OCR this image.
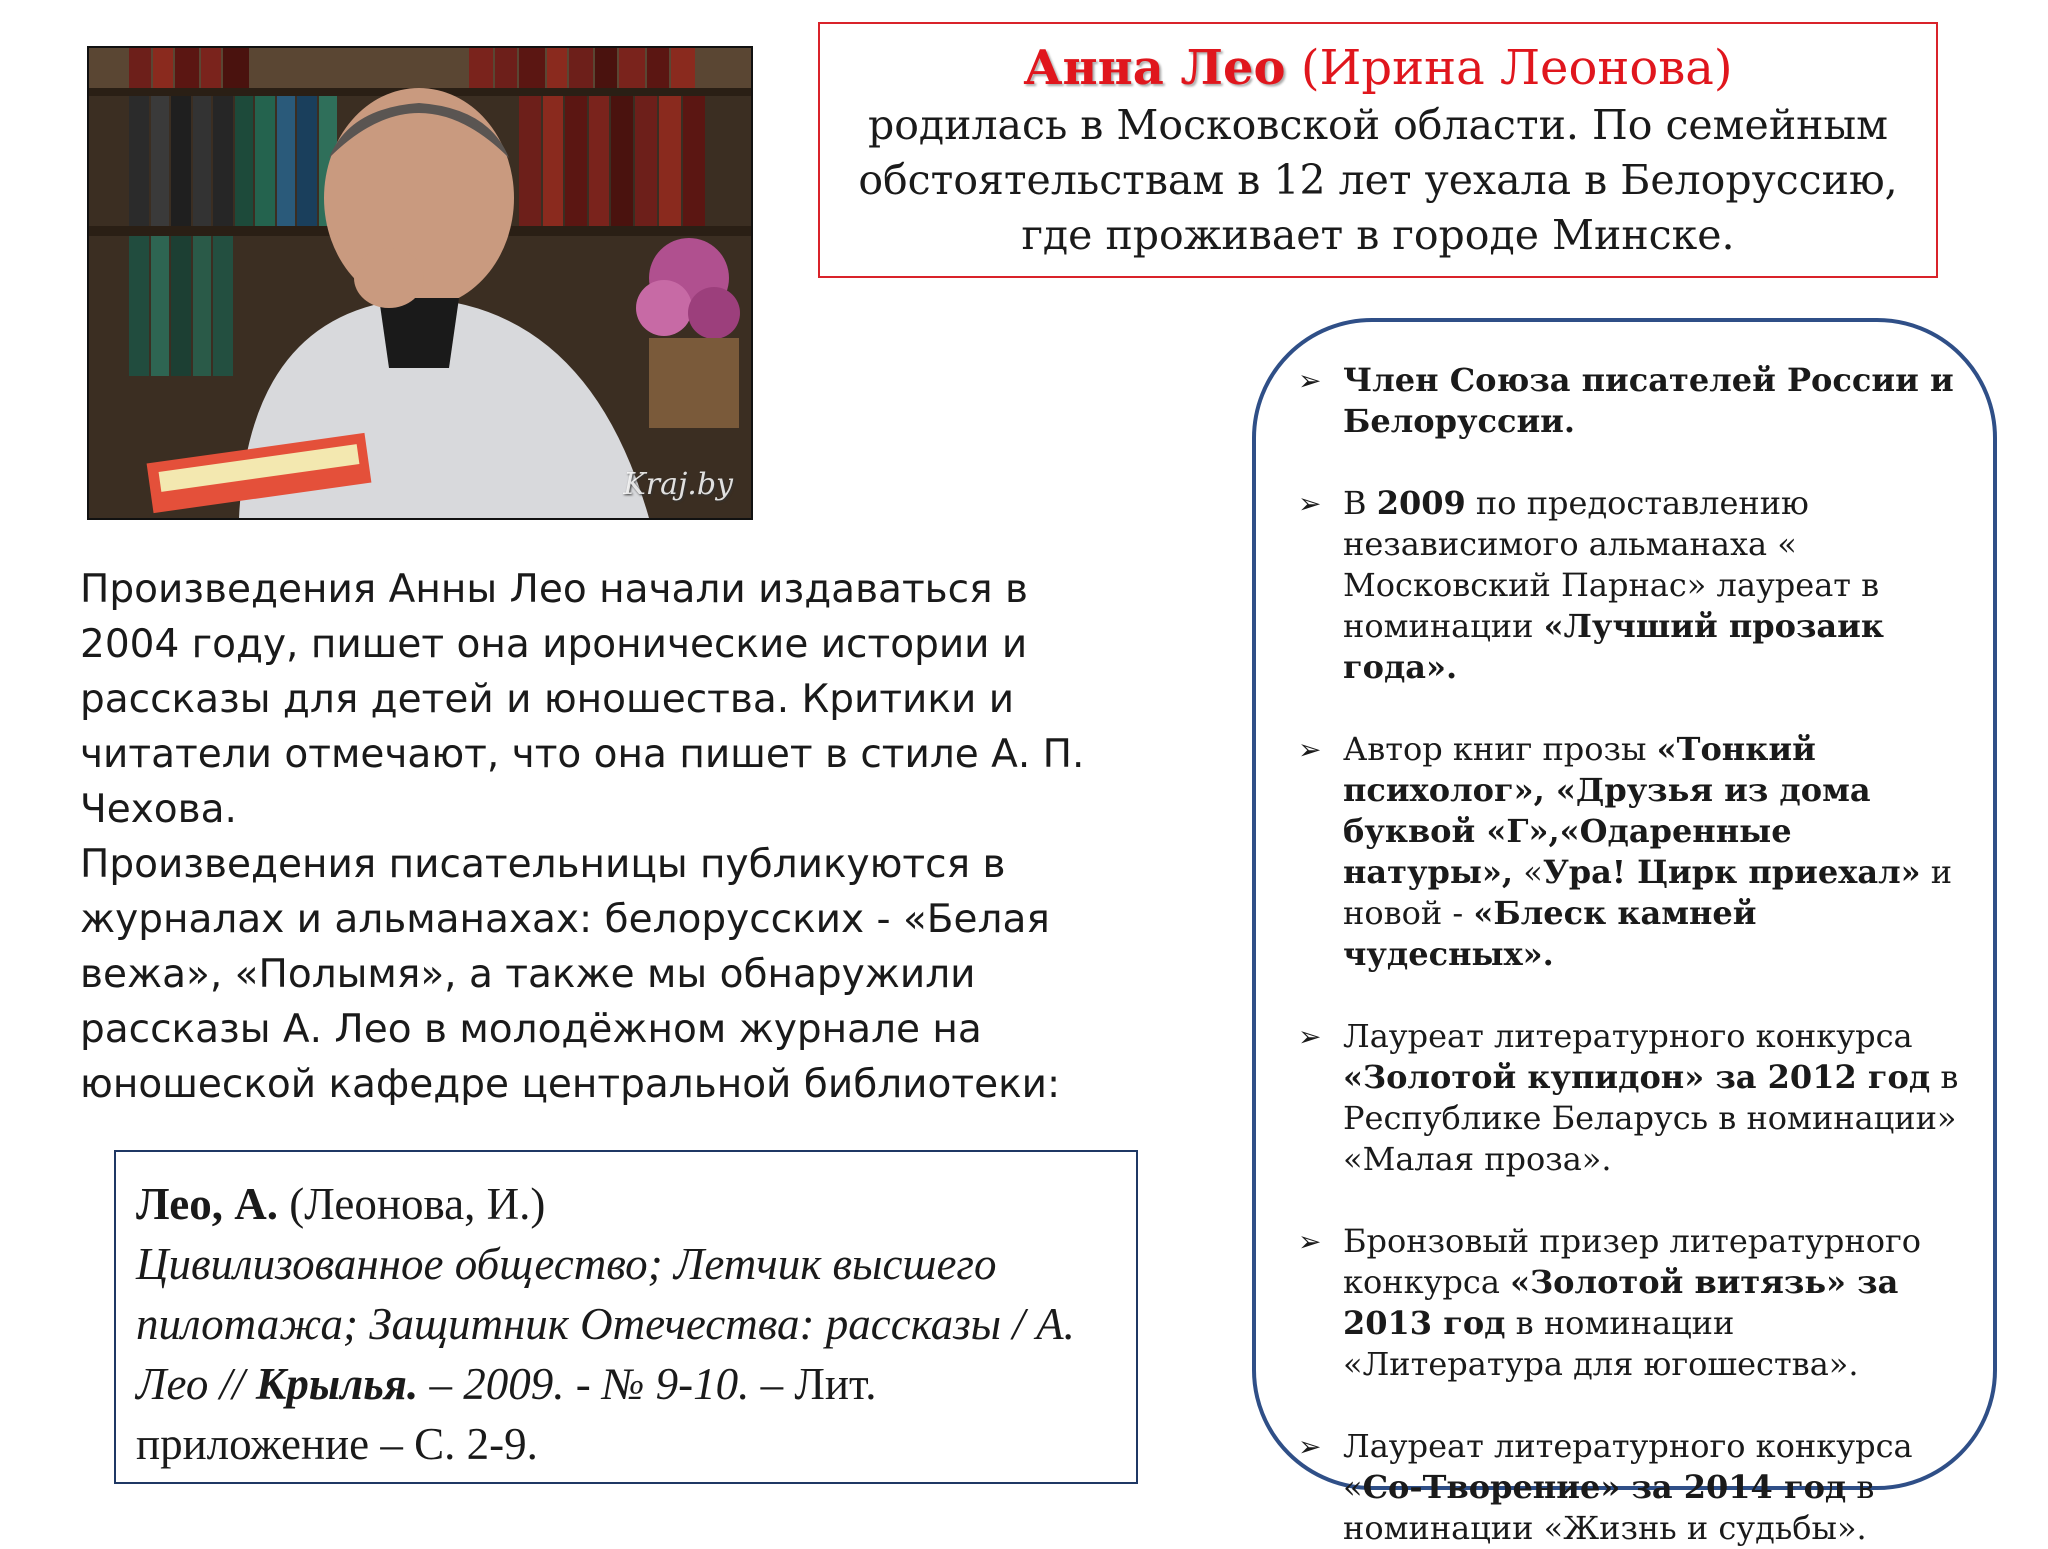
Kraj.by
Анна Лео (Ирина Леонова)
родилась в Московской области. По семейным
обстоятельствам в 12 лет уехала в Белоруссию,
где проживает в городе Минске.

Произведения Анны Лео начали издаваться в 2004 году, пишет она иронические истории и рассказы для детей и юношества. Критики и читатели отмечают, что она пишет в стиле А. П. Чехова.

Произведения писательницы публикуются в журналах и альманахах: белорусских - «Белая вежа», «Полымя», а также мы обнаружили рассказы А. Лео в молодёжном журнале на юношеской кафедре центральной библиотеки:

Лео, А. (Леонова, И.)
Цивилизованное общество; Летчик высшего пилотажа; Защитник Отечества: рассказы / А. Лео // Крылья. – 2009. - № 9-10. – Лит. приложение – С. 2-9.
➢ Член Союза писателей России и Белоруссии.
➢ В 2009 по предоставлению независимого альманаха « Московский Парнас» лауреат в номинации «Лучший прозаик года».
➢ Автор книг прозы «Тонкий психолог», «Друзья из дома буквой «Г»,«Одаренные натуры», «Ура! Цирк приехал» и новой - «Блеск камней чудесных».
➢ Лауреат литературного конкурса «Золотой купидон» за 2012 год в Республике Беларусь в номинации» «Малая проза».
➢ Бронзовый призер литературного конкурса «Золотой витязь» за 2013 год в номинации «Литература для югошества».
➢ Лауреат литературного конкурса «Со-Творение» за 2014 год в номинации «Жизнь и судьбы».
